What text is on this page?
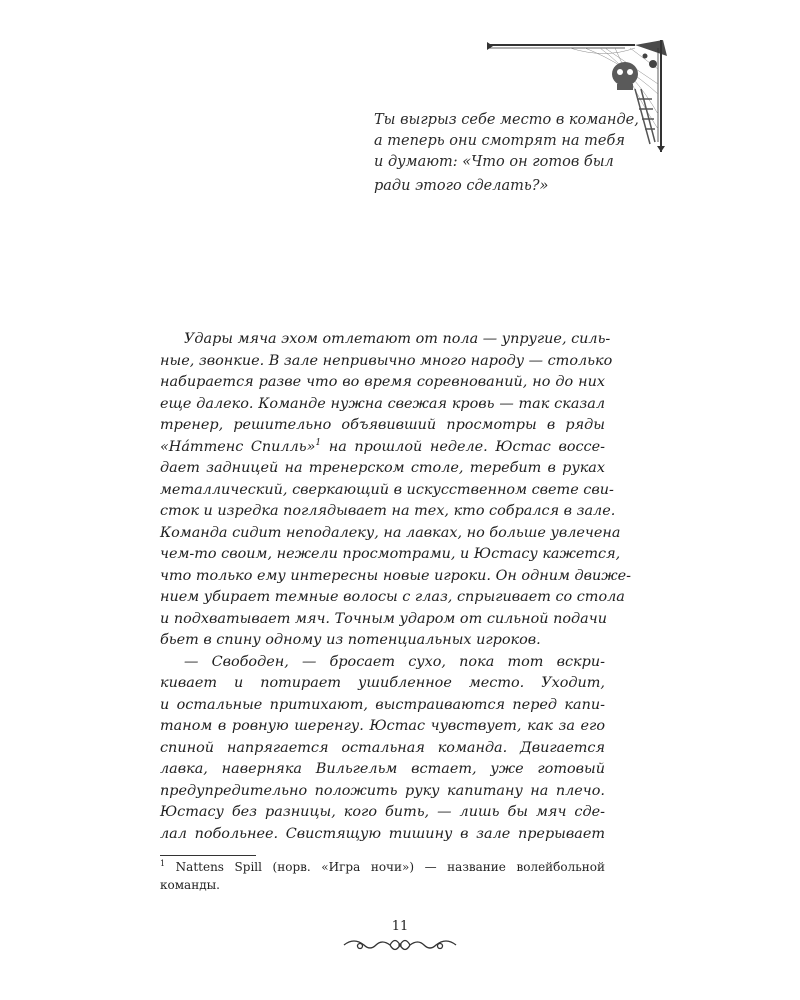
Ты выгрыз себе место в команде,
а теперь они смотрят на тебя
и думают: «Что он готов был
ради этого сделать?»
Удары мяча эхом отлетают от пола — упругие, силь-
ные, звонкие. В зале непривычно много народу — столько
набирается разве что во время соревнований, но до них
еще далеко. Команде нужна свежая кровь — так сказал
тренер, решительно объявивший просмотры в ряды
«Нáттенс Спилль»$^1$ на прошлой неделе. Юстас воссе-
дает задницей на тренерском столе, теребит в руках
металлический, сверкающий в искусственном свете сви-
сток и изредка поглядывает на тех, кто собрался в зале.
Команда сидит неподалеку, на лавках, но больше увлечена
чем-то своим, нежели просмотрами, и Юстасу кажется,
что только ему интересны новые игроки. Он одним движе-
нием убирает темные волосы с глаз, спрыгивает со стола
и подхватывает мяч. Точным ударом от сильной подачи
бьет в спину одному из потенциальных игроков.
— Свободен, — бросает сухо, пока тот вскри-
кивает и потирает ушибленное место. Уходит,
и остальные притихают, выстраиваются перед капи-
таном в ровную шеренгу. Юстас чувствует, как за его
спиной напрягается остальная команда. Двигается
лавка, наверняка Вильгельм встает, уже готовый
предупредительно положить руку капитану на плечо.
Юстасу без разницы, кого бить, — лишь бы мяч сде-
лал побольнее. Свистящую тишину в зале прерывает
$^1$ Nattens Spill (норв. «Игра ночи») — название волейбольной
команды.
11
